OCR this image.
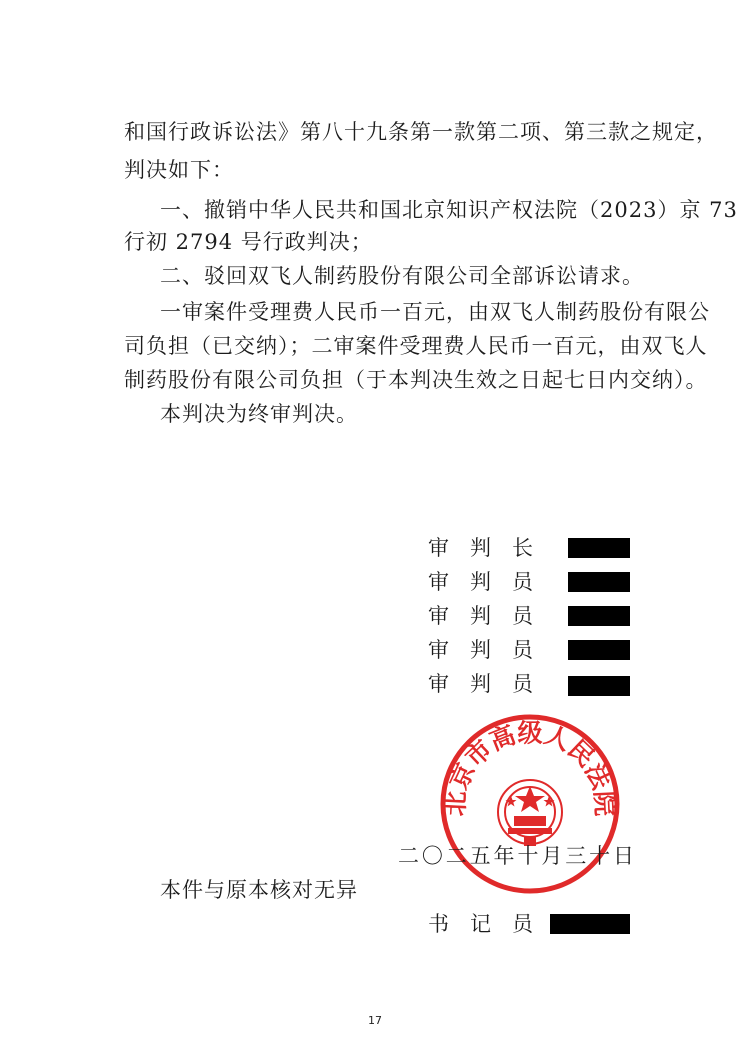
和国行政诉讼法》第八十九条第一款第二项、第三款之规定，
判决如下：
一、撤销中华人民共和国北京知识产权法院（2023）京 73
行初 2794 号行政判决；
二、驳回双飞人制药股份有限公司全部诉讼请求。
一审案件受理费人民币一百元，由双飞人制药股份有限公
司负担（已交纳）；二审案件受理费人民币一百元，由双飞人
制药股份有限公司负担（于本判决生效之日起七日内交纳）。
本判决为终审判决。
审　判　长
审　判　员
审　判　员
审　判　员
审　判　员
北京市高级人民法院
二〇二五年十月三十日
本件与原本核对无异
书　记　员
17
